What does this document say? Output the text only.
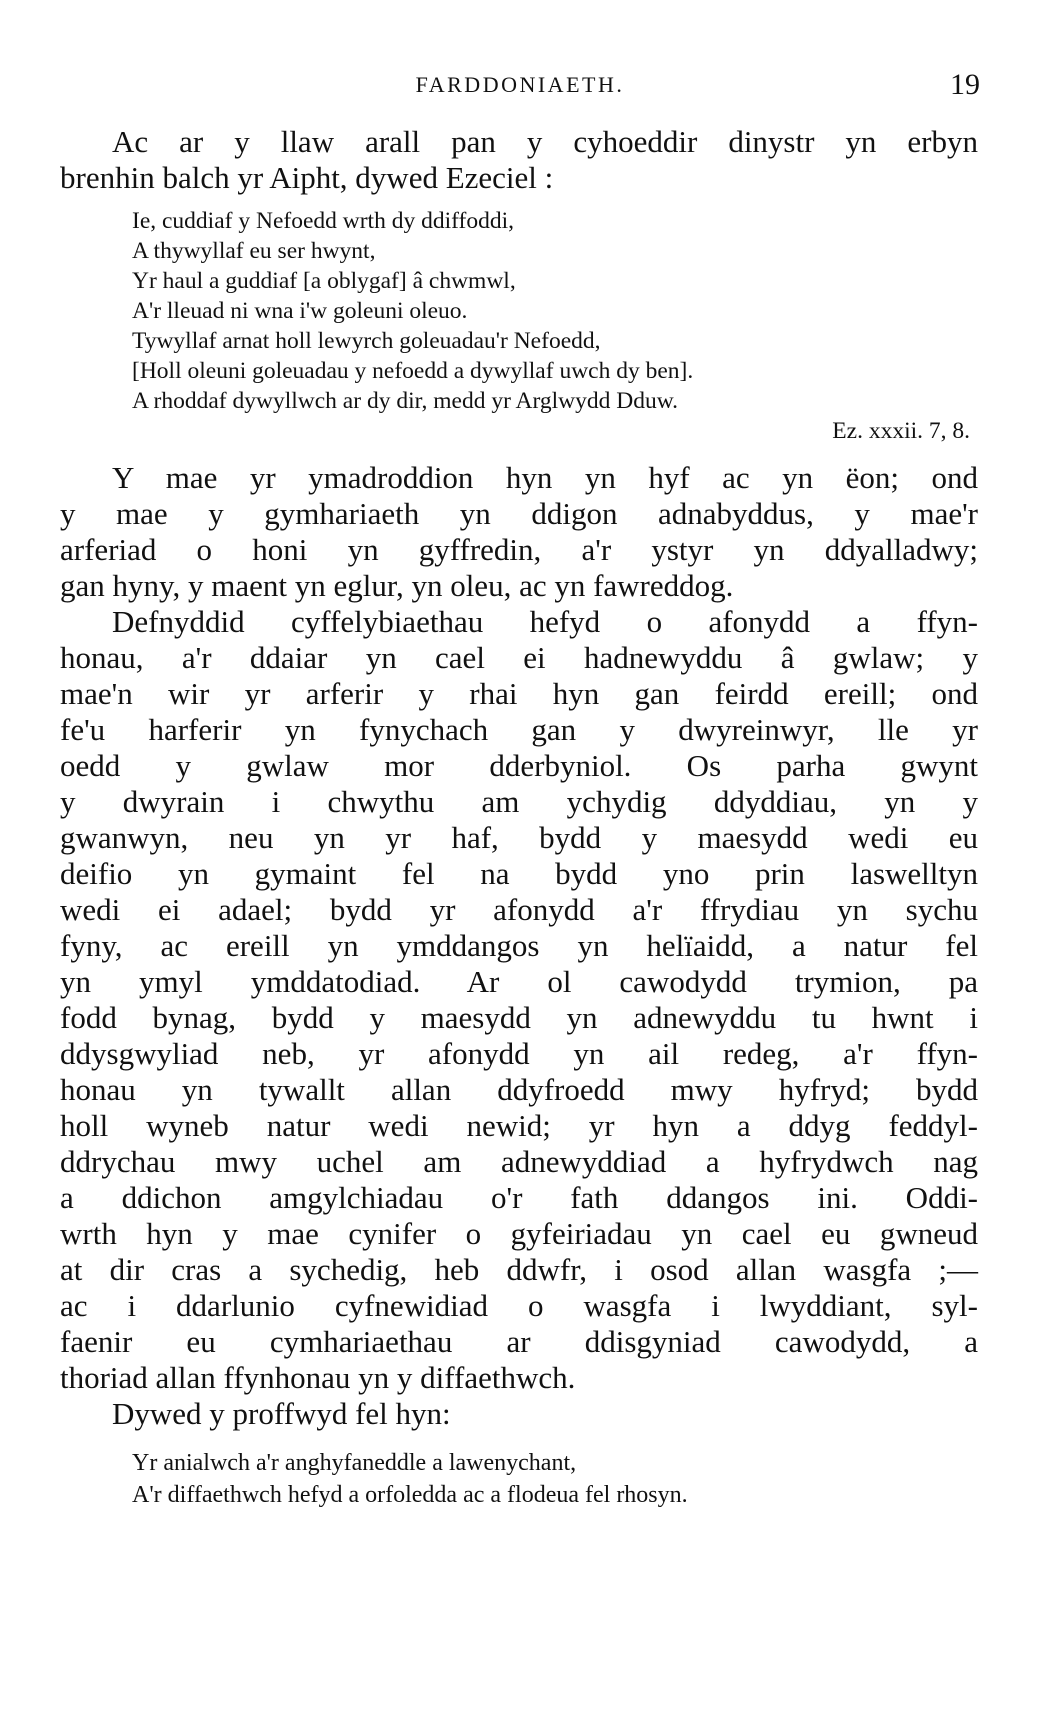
FARDDONIAETH.	19
Ac ar y llaw arall pan y cyhoeddir dinystr yn erbyn
brenhin balch yr Aipht, dywed Ezeciel :
Ie, cuddiaf y Nefoedd wrth dy ddiffoddi,
A thywyllaf eu ser hwynt,
Yr haul a guddiaf [a oblygaf] â chwmwl,
A'r lleuad ni wna i'w goleuni oleuo.
Tywyllaf arnat holl lewyrch goleuadau'r Nefoedd,
[Holl oleuni goleuadau y nefoedd a dywyllaf uwch dy ben].
A rhoddaf dywyllwch ar dy dir, medd yr Arglwydd Dduw.
Ez. xxxii. 7, 8.
Y mae yr ymadroddion hyn yn hyf ac yn ëon; ond
y mae y gymhariaeth yn ddigon adnabyddus, y mae'r
arferiad o honi yn gyffredin, a'r ystyr yn ddyalladwy;
gan hyny, y maent yn eglur, yn oleu, ac yn fawreddog.
Defnyddid cyffelybiaethau hefyd o afonydd a ffyn-
honau, a'r ddaiar yn cael ei hadnewyddu â gwlaw; y
mae'n wir yr arferir y rhai hyn gan feirdd ereill; ond
fe'u harferir yn fynychach gan y dwyreinwyr, lle yr
oedd y gwlaw mor dderbyniol. Os parha gwynt
y dwyrain i chwythu am ychydig ddyddiau, yn y
gwanwyn, neu yn yr haf, bydd y maesydd wedi eu
deifio yn gymaint fel na bydd yno prin laswelltyn
wedi ei adael; bydd yr afonydd a'r ffrydiau yn sychu
fyny, ac ereill yn ymddangos yn helïaidd, a natur fel
yn ymyl ymddatodiad. Ar ol cawodydd trymion, pa
fodd bynag, bydd y maesydd yn adnewyddu tu hwnt i
ddysgwyliad neb, yr afonydd yn ail redeg, a'r ffyn-
honau yn tywallt allan ddyfroedd mwy hyfryd; bydd
holl wyneb natur wedi newid; yr hyn a ddyg feddyl-
ddrychau mwy uchel am adnewyddiad a hyfrydwch nag
a ddichon amgylchiadau o'r fath ddangos ini. Oddi-
wrth hyn y mae cynifer o gyfeiriadau yn cael eu gwneud
at dir cras a sychedig, heb ddwfr, i osod allan wasgfa ;—
ac i ddarlunio cyfnewidiad o wasgfa i lwyddiant, syl-
faenir eu cymhariaethau ar ddisgyniad cawodydd, a
thoriad allan ffynhonau yn y diffaethwch.
Dywed y proffwyd fel hyn:
Yr anialwch a'r anghyfaneddle a lawenychant,
A'r diffaethwch hefyd a orfoledda ac a flodeua fel rhosyn.
